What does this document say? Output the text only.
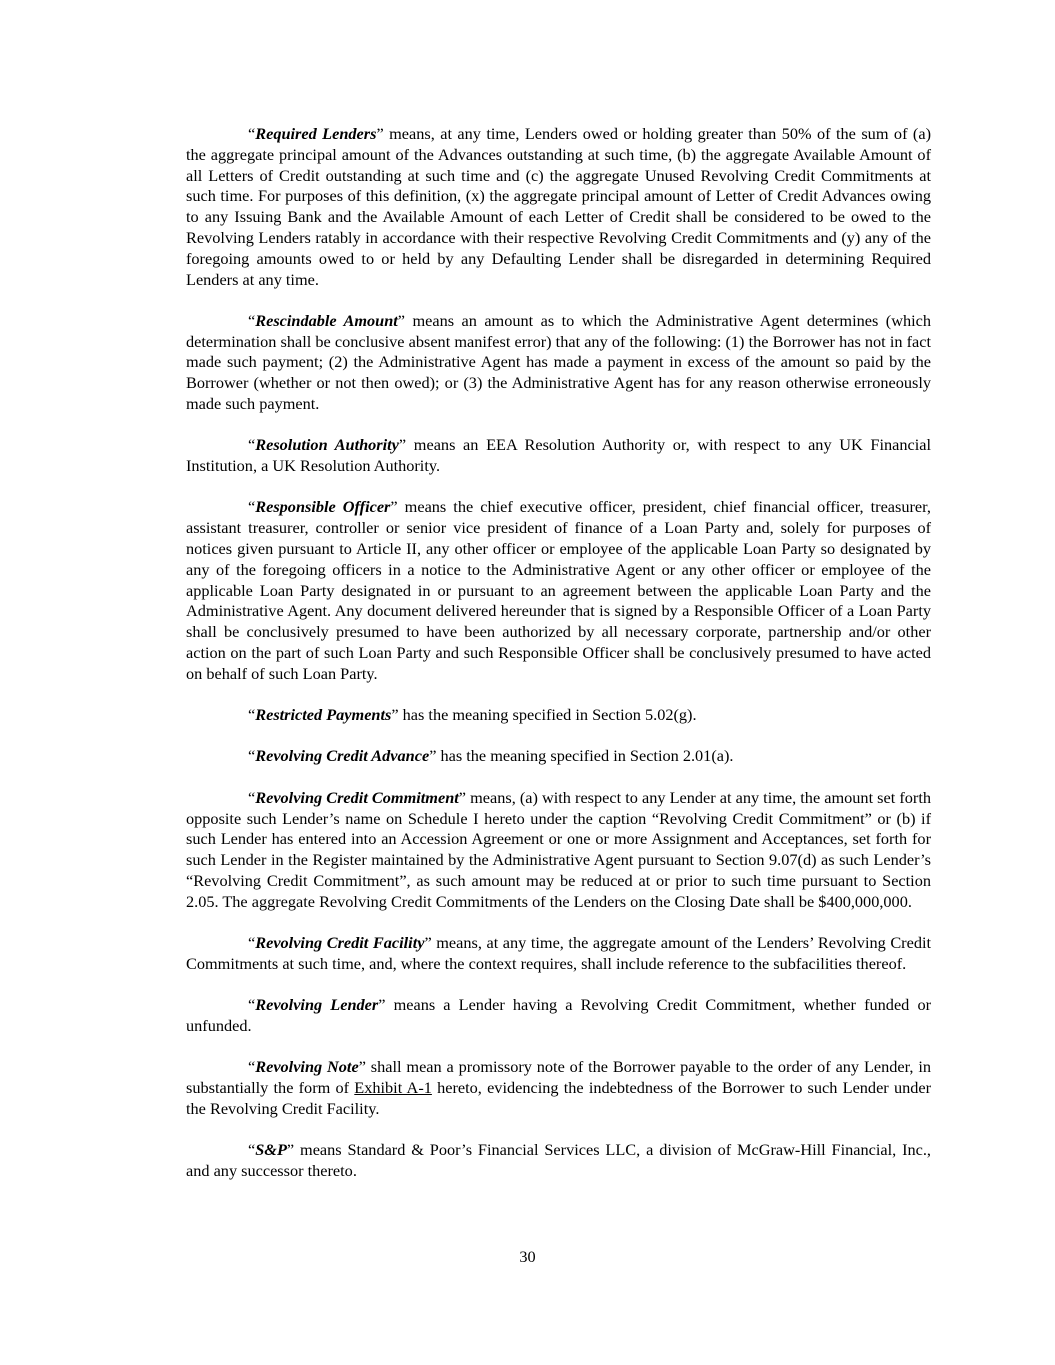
“Required Lenders” means, at any time, Lenders owed or holding greater than 50% of the sum of (a) the aggregate principal amount of the Advances outstanding at such time, (b) the aggregate Available Amount of all Letters of Credit outstanding at such time and (c) the aggregate Unused Revolving Credit Commitments at such time. For purposes of this definition, (x) the aggregate principal amount of Letter of Credit Advances owing to any Issuing Bank and the Available Amount of each Letter of Credit shall be considered to be owed to the Revolving Lenders ratably in accordance with their respective Revolving Credit Commitments and (y) any of the foregoing amounts owed to or held by any Defaulting Lender shall be disregarded in determining Required Lenders at any time.

“Rescindable Amount” means an amount as to which the Administrative Agent determines (which determination shall be conclusive absent manifest error) that any of the following: (1) the Borrower has not in fact made such payment; (2) the Administrative Agent has made a payment in excess of the amount so paid by the Borrower (whether or not then owed); or (3) the Administrative Agent has for any reason otherwise erroneously made such payment.

“Resolution Authority” means an EEA Resolution Authority or, with respect to any UK Financial Institution, a UK Resolution Authority.

“Responsible Officer” means the chief executive officer, president, chief financial officer, treasurer, assistant treasurer, controller or senior vice president of finance of a Loan Party and, solely for purposes of notices given pursuant to Article II, any other officer or employee of the applicable Loan Party so designated by any of the foregoing officers in a notice to the Administrative Agent or any other officer or employee of the applicable Loan Party designated in or pursuant to an agreement between the applicable Loan Party and the Administrative Agent. Any document delivered hereunder that is signed by a Responsible Officer of a Loan Party shall be conclusively presumed to have been authorized by all necessary corporate, partnership and/or other action on the part of such Loan Party and such Responsible Officer shall be conclusively presumed to have acted on behalf of such Loan Party.

“Restricted Payments” has the meaning specified in Section 5.02(g).

“Revolving Credit Advance” has the meaning specified in Section 2.01(a).

“Revolving Credit Commitment” means, (a) with respect to any Lender at any time, the amount set forth opposite such Lender’s name on Schedule I hereto under the caption “Revolving Credit Commitment” or (b) if such Lender has entered into an Accession Agreement or one or more Assignment and Acceptances, set forth for such Lender in the Register maintained by the Administrative Agent pursuant to Section 9.07(d) as such Lender’s “Revolving Credit Commitment”, as such amount may be reduced at or prior to such time pursuant to Section 2.05. The aggregate Revolving Credit Commitments of the Lenders on the Closing Date shall be $400,000,000.

“Revolving Credit Facility” means, at any time, the aggregate amount of the Lenders’ Revolving Credit Commitments at such time, and, where the context requires, shall include reference to the subfacilities thereof.

“Revolving Lender” means a Lender having a Revolving Credit Commitment, whether funded or unfunded.

“Revolving Note” shall mean a promissory note of the Borrower payable to the order of any Lender, in substantially the form of Exhibit A-1 hereto, evidencing the indebtedness of the Borrower to such Lender under the Revolving Credit Facility.

“S&P” means Standard & Poor’s Financial Services LLC, a division of McGraw-Hill Financial, Inc., and any successor thereto.

30
